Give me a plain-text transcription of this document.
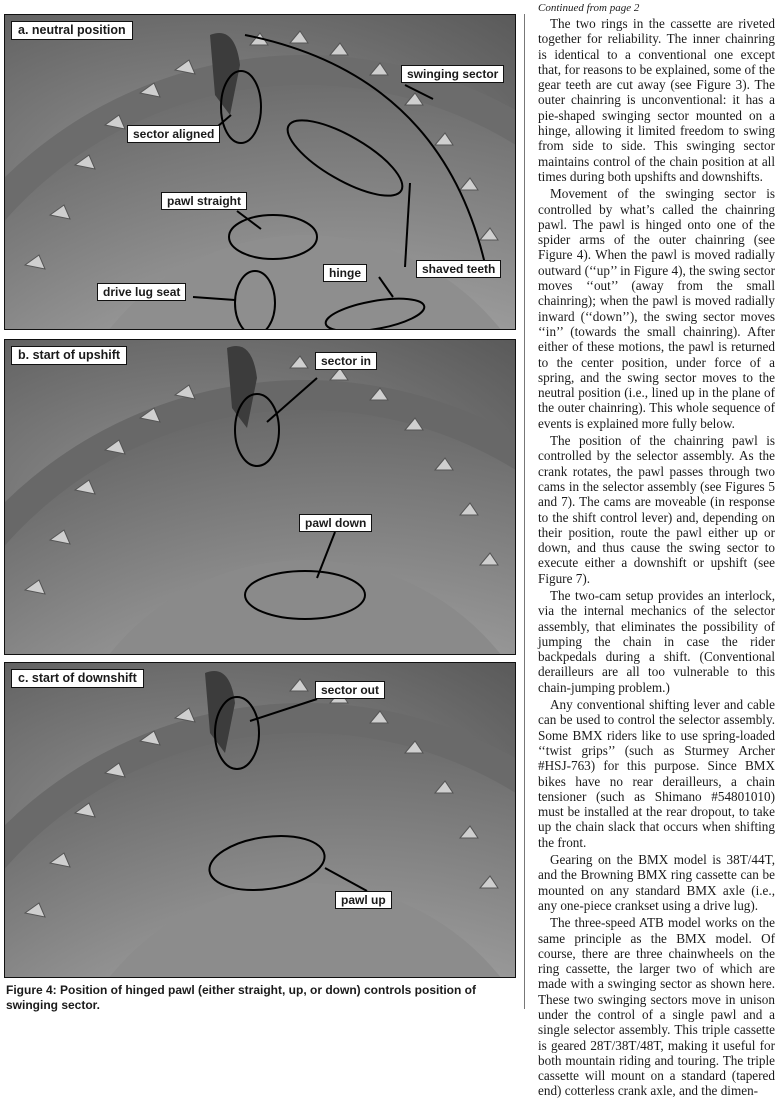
a. neutral position
swinging sector
sector aligned
pawl straight
hinge	shaved teeth
drive lug seat
b. start of upshift	sector in
pawl down
c. start of downshift
sector out
pawl up
Figure 4: Position of hinged pawl (either straight, up, or down) controls position of swinging sector.
Continued from page 2

The two rings in the cassette are riveted together for reliability. The inner chainring is identical to a conventional one except that, for reasons to be explained, some of the gear teeth are cut away (see Figure 3). The outer chainring is unconventional: it has a pie-shaped swinging sector mounted on a hinge, allowing it limited freedom to swing from side to side. This swinging sector maintains control of the chain position at all times during both upshifts and downshifts.

Movement of the swinging sector is controlled by what’s called the chainring pawl. The pawl is hinged onto one of the spider arms of the outer chainring (see Figure 4). When the pawl is moved radially outward (‘‘up’’ in Figure 4), the swing sector moves ‘‘out’’ (away from the small chainring); when the pawl is moved radially inward (‘‘down’’), the swing sector moves ‘‘in’’ (towards the small chainring). After either of these motions, the pawl is returned to the center position, under force of a spring, and the swing sector moves to the neutral position (i.e., lined up in the plane of the outer chainring). This whole sequence of events is explained more fully below.

The position of the chainring pawl is controlled by the selector assembly. As the crank rotates, the pawl passes through two cams in the selector assembly (see Figures 5 and 7). The cams are moveable (in response to the shift control lever) and, depending on their position, route the pawl either up or down, and thus cause the swing sector to execute either a downshift or upshift (see Figure 7).

The two-cam setup provides an interlock, via the internal mechanics of the selector assembly, that eliminates the possibility of jumping the chain in case the rider backpedals during a shift. (Conventional derailleurs are all too vulnerable to this chain-jumping problem.)

Any conventional shifting lever and cable can be used to control the selector assembly. Some BMX riders like to use spring-loaded ‘‘twist grips’’ (such as Sturmey Archer #HSJ-763) for this purpose. Since BMX bikes have no rear derailleurs, a chain tensioner (such as Shimano #54801010) must be installed at the rear dropout, to take up the chain slack that occurs when shifting the front.

Gearing on the BMX model is 38T/44T, and the Browning BMX ring cassette can be mounted on any standard BMX axle (i.e., any one-piece crankset using a drive lug).

The three-speed ATB model works on the same principle as the BMX model. Of course, there are three chainwheels on the ring cassette, the larger two of which are made with a swinging sector as shown here. These two swinging sectors move in unison under the control of a single pawl and a single selector assembly. This triple cassette is geared 28T/38T/48T, making it useful for both mountain riding and touring. The triple cassette will mount on a standard (tapered end) cotterless crank axle, and the dimen-
